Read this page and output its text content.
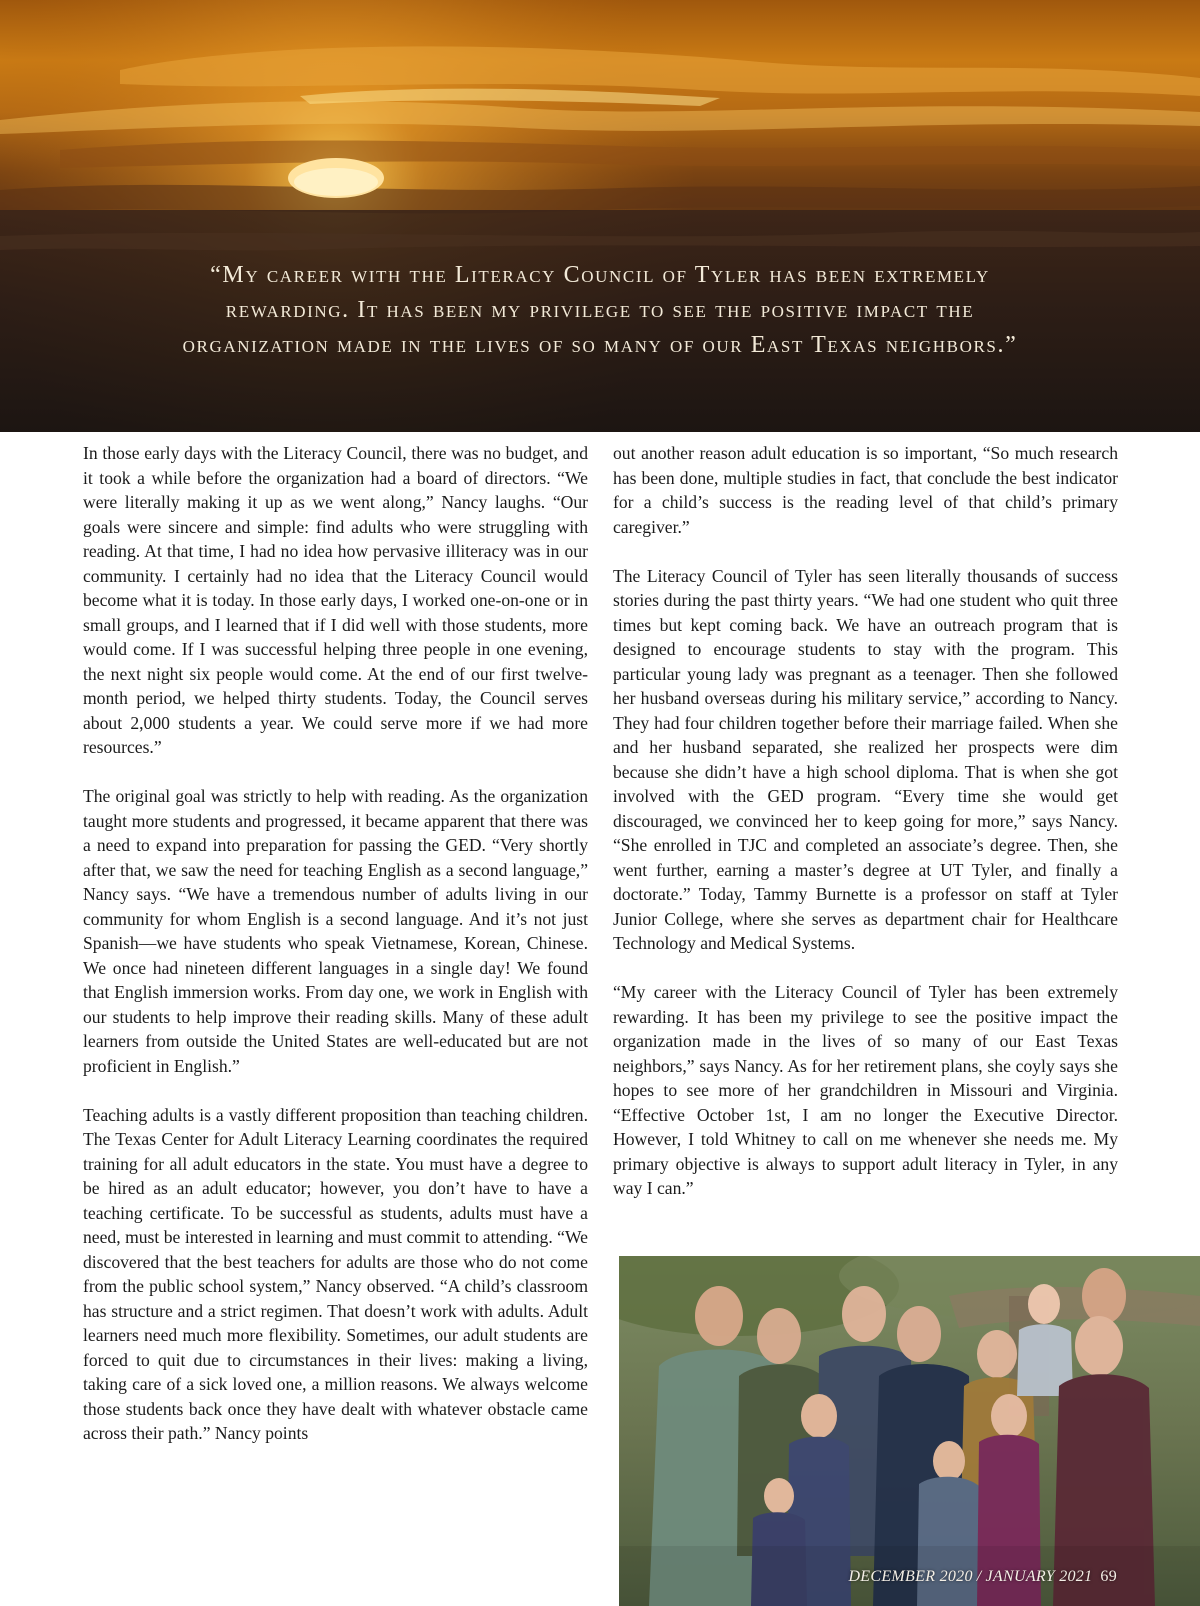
“My career with the Literacy Council of Tyler has been extremely rewarding. It has been my privilege to see the positive impact the organization made in the lives of so many of our East Texas neighbors.”

In those early days with the Literacy Council, there was no budget, and it took a while before the organization had a board of directors. “We were literally making it up as we went along,” Nancy laughs. “Our goals were sincere and simple: find adults who were struggling with reading. At that time, I had no idea how pervasive illiteracy was in our community. I certainly had no idea that the Literacy Council would become what it is today. In those early days, I worked one-on-one or in small groups, and I learned that if I did well with those students, more would come. If I was successful helping three people in one evening, the next night six people would come. At the end of our first twelve-month period, we helped thirty students. Today, the Council serves about 2,000 students a year. We could serve more if we had more resources.”

The original goal was strictly to help with reading. As the organization taught more students and progressed, it became apparent that there was a need to expand into preparation for passing the GED. “Very shortly after that, we saw the need for teaching English as a second language,” Nancy says. “We have a tremendous number of adults living in our community for whom English is a second language. And it’s not just Spanish—we have students who speak Vietnamese, Korean, Chinese. We once had nineteen different languages in a single day! We found that English immersion works. From day one, we work in English with our students to help improve their reading skills. Many of these adult learners from outside the United States are well-educated but are not proficient in English.”

Teaching adults is a vastly different proposition than teaching children. The Texas Center for Adult Literacy Learning coordinates the required training for all adult educators in the state. You must have a degree to be hired as an adult educator; however, you don’t have to have a teaching certificate. To be successful as students, adults must have a need, must be interested in learning and must commit to attending. “We discovered that the best teachers for adults are those who do not come from the public school system,” Nancy observed. “A child’s classroom has structure and a strict regimen. That doesn’t work with adults. Adult learners need much more flexibility. Sometimes, our adult students are forced to quit due to circumstances in their lives: making a living, taking care of a sick loved one, a million reasons. We always welcome those students back once they have dealt with whatever obstacle came across their path.” Nancy points

out another reason adult education is so important, “So much research has been done, multiple studies in fact, that conclude the best indicator for a child’s success is the reading level of that child’s primary caregiver.”

The Literacy Council of Tyler has seen literally thousands of success stories during the past thirty years. “We had one student who quit three times but kept coming back. We have an outreach program that is designed to encourage students to stay with the program. This particular young lady was pregnant as a teenager. Then she followed her husband overseas during his military service,” according to Nancy. They had four children together before their marriage failed. When she and her husband separated, she realized her prospects were dim because she didn’t have a high school diploma. That is when she got involved with the GED program. “Every time she would get discouraged, we convinced her to keep going for more,” says Nancy. “She enrolled in TJC and completed an associate’s degree. Then, she went further, earning a master’s degree at UT Tyler, and finally a doctorate.” Today, Tammy Burnette is a professor on staff at Tyler Junior College, where she serves as department chair for Healthcare Technology and Medical Systems.

“My career with the Literacy Council of Tyler has been extremely rewarding. It has been my privilege to see the positive impact the organization made in the lives of so many of our East Texas neighbors,” says Nancy. As for her retirement plans, she coyly says she hopes to see more of her grandchildren in Missouri and Virginia. “Effective October 1st, I am no longer the Executive Director. However, I told Whitney to call on me whenever she needs me. My primary objective is always to support adult literacy in Tyler, in any way I can.”

DECEMBER 2020 / JANUARY 2021 69
